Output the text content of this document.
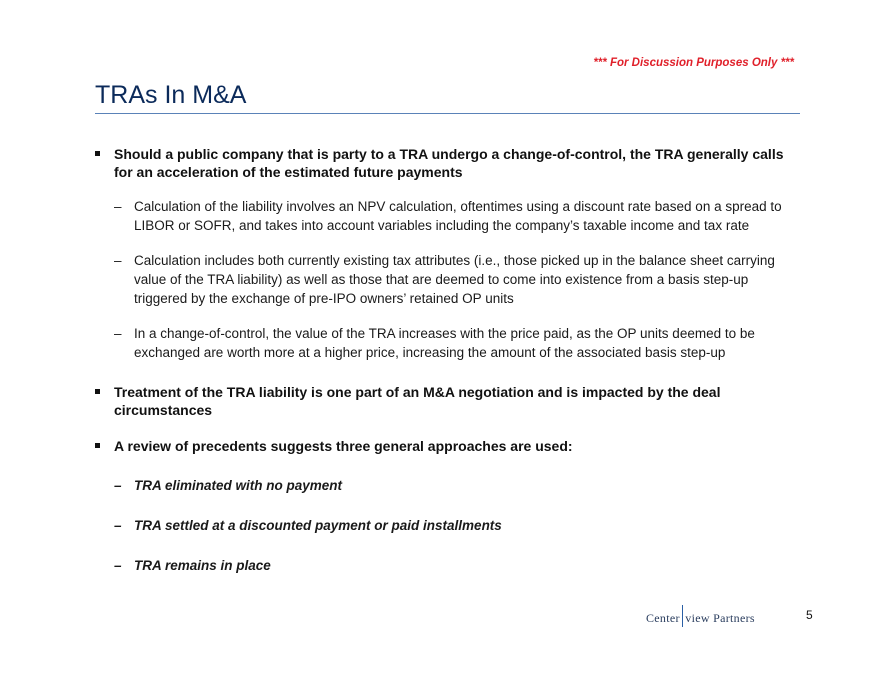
*** For Discussion Purposes Only ***
TRAs In M&A
Should a public company that is party to a TRA undergo a change-of-control, the TRA generally calls for an acceleration of the estimated future payments
– Calculation of the liability involves an NPV calculation, oftentimes using a discount rate based on a spread to LIBOR or SOFR, and takes into account variables including the company’s taxable income and tax rate
– Calculation includes both currently existing tax attributes (i.e., those picked up in the balance sheet carrying value of the TRA liability) as well as those that are deemed to come into existence from a basis step-up triggered by the exchange of pre-IPO owners’ retained OP units
– In a change-of-control, the value of the TRA increases with the price paid, as the OP units deemed to be exchanged are worth more at a higher price, increasing the amount of the associated basis step-up
Treatment of the TRA liability is one part of an M&A negotiation and is impacted by the deal circumstances
A review of precedents suggests three general approaches are used:
– TRA eliminated with no payment
– TRA settled at a discounted payment or paid installments
– TRA remains in place
Center view Partners	5
